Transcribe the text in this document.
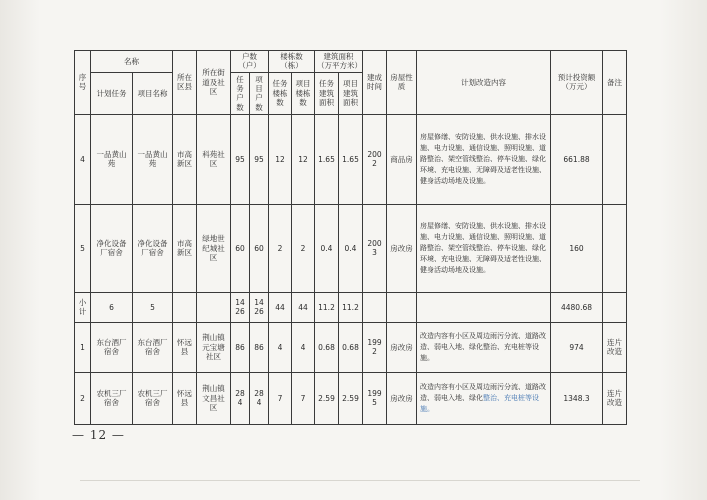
序号	名称		所在区县	所在街道及社区	户数（户）		楼栋数（栋）		建筑面积（万平方米）		建成时间	房屋性质	计划改造内容	预计投资额（万元）	备注
	计划任务	项目名称			任务户数	项目户数	任务楼栋数	项目楼栋数	任务建筑面积	项目建筑面积					
4	一品黄山苑	一品黄山苑	市高新区	科苑社区	95	95	12	12	1.65	1.65	2002	商品房	房屋修缮、安防设施、供水设施、排水设施、电力设施、通信设施、照明设施、道路整治、架空管线整治、停车设施、绿化环境、充电设施、无障碍及适老性设施、健身活动场地及设施。	661.88	
5	净化设备厂宿舍	净化设备厂宿舍	市高新区	绿地世纪城社区	60	60	2	2	0.4	0.4	2003	房改房	房屋修缮、安防设施、供水设施、排水设施、电力设施、通信设施、照明设施、道路整治、架空管线整治、停车设施、绿化环境、充电设施、无障碍及适老性设施、健身活动场地及设施。	160	
小计	6	5			1426	1426	44	44	11.2	11.2				4480.68	
1	东台酒厂宿舍	东台酒厂宿舍	怀远县	荆山镇元宝塘社区	86	86	4	4	0.68	0.68	1992	房改房	改造内容有小区及周边雨污分流、道路改造、弱电入地、绿化整治、充电桩等设施。	974	连片改造
2	农机三厂宿舍	农机三厂宿舍	怀远县	荆山镇文昌社区	284	284	7	7	2.59	2.59	1995	房改房	改造内容有小区及周边雨污分流、道路改造、弱电入地、绿化整治、充电桩等设施。	1348.3	连片改造
— 12 —
